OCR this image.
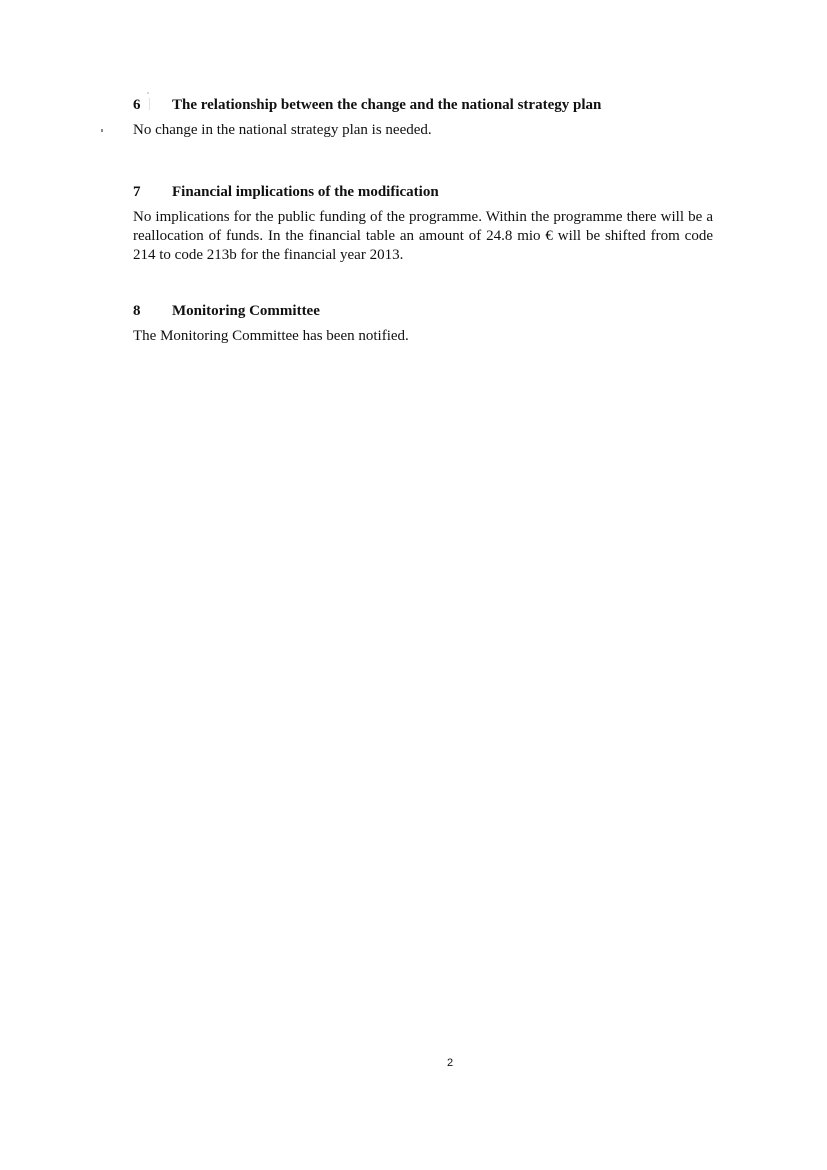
6 The relationship between the change and the national strategy plan
No change in the national strategy plan is needed.
7 Financial implications of the modification
No implications for the public funding of the programme. Within the programme there will be a reallocation of funds. In the financial table an amount of 24.8 mio € will be shifted from code 214 to code 213b for the financial year 2013.
8 Monitoring Committee
The Monitoring Committee has been notified.
2
